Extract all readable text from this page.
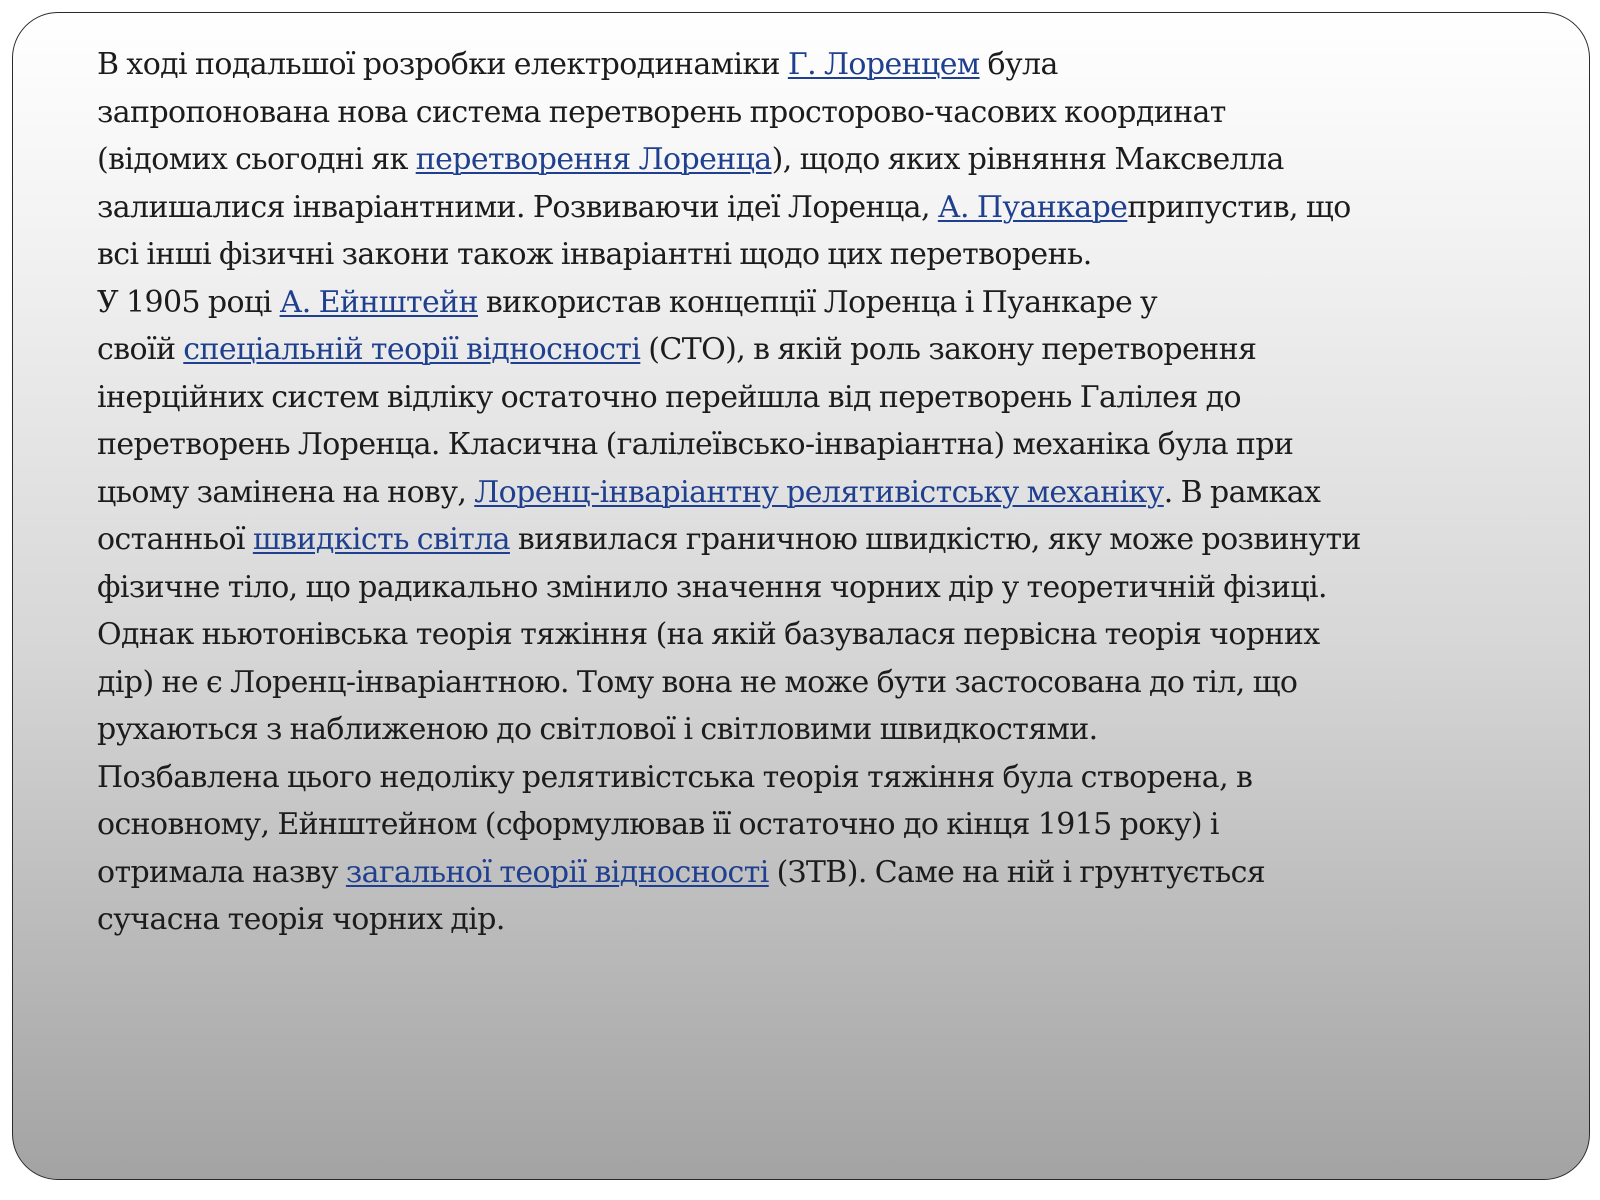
В ході подальшої розробки електродинаміки Г. Лоренцем була
запропонована нова система перетворень просторово-часових координат
(відомих сьогодні як перетворення Лоренца), щодо яких рівняння Максвелла
залишалися інваріантними. Розвиваючи ідеї Лоренца, А. Пуанкареприпустив, що
всі інші фізичні закони також інваріантні щодо цих перетворень.

У 1905 році А. Ейнштейн використав концепції Лоренца і Пуанкаре у
своїй спеціальній теорії відносності (СТО), в якій роль закону перетворення
інерційних систем відліку остаточно перейшла від перетворень Галілея до
перетворень Лоренца. Класична (галілеївсько-інваріантна) механіка була при
цьому замінена на нову, Лоренц-інваріантну релятивістську механіку. В рамках
останньої швидкість світла виявилася граничною швидкістю, яку може розвинути
фізичне тіло, що радикально змінило значення чорних дір у теоретичній фізиці.
Однак ньютонівська теорія тяжіння (на якій базувалася первісна теорія чорних
дір) не є Лоренц-інваріантною. Тому вона не може бути застосована до тіл, що
рухаються з наближеною до світлової і світловими швидкостями.

Позбавлена цього недоліку релятивістська теорія тяжіння була створена, в
основному, Ейнштейном (сформулював її остаточно до кінця 1915 року) і
отримала назву загальної теорії відносності (ЗТВ). Саме на ній і грунтується
сучасна теорія чорних дір.
